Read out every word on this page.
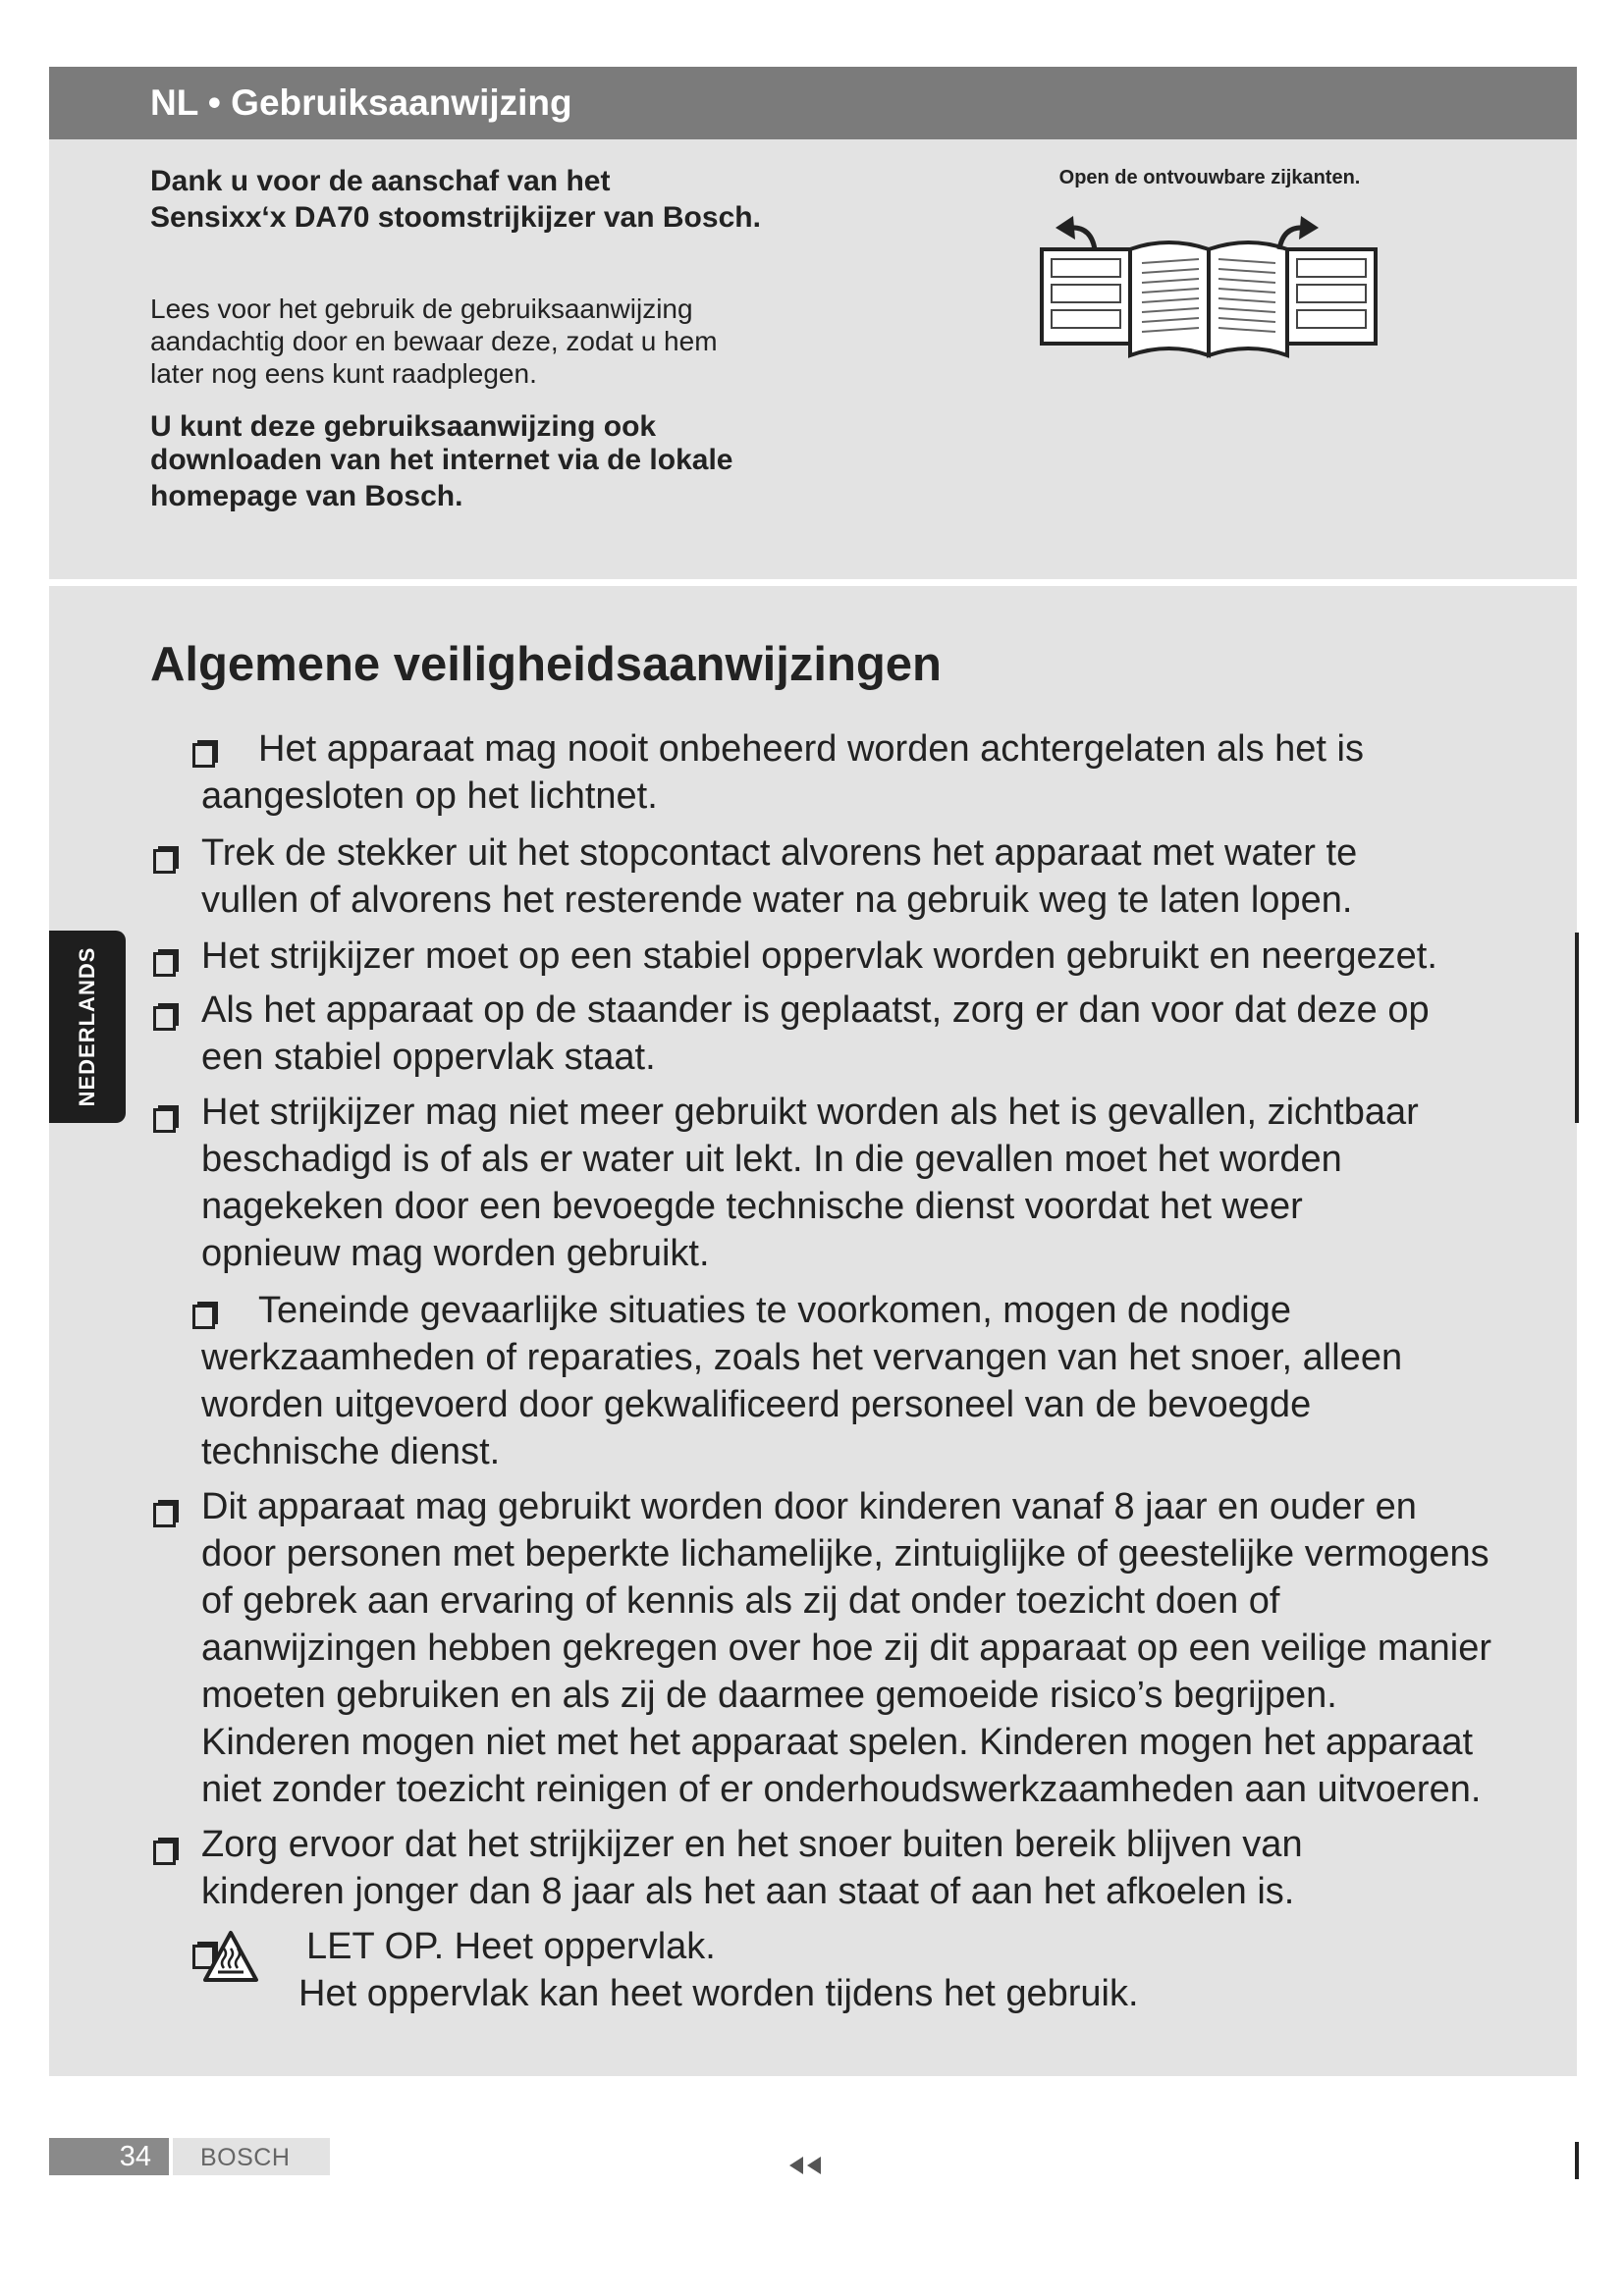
NL • Gebruiksaanwijzing
Dank u voor de aanschaf van het
Sensixx‘x DA70 stoomstrijkijzer van Bosch.
Lees voor het gebruik de gebruiksaanwijzing
aandachtig door en bewaar deze, zodat u hem
later nog eens kunt raadplegen.
U kunt deze gebruiksaanwijzing ook
downloaden van het internet via de lokale
homepage van Bosch.
Open de ontvouwbare zijkanten.
Algemene veiligheidsaanwijzingen
Het apparaat mag nooit onbeheerd worden achtergelaten als het is
aangesloten op het lichtnet.
Trek de stekker uit het stopcontact alvorens het apparaat met water te
vullen of alvorens het resterende water na gebruik weg te laten lopen.
Het strijkijzer moet op een stabiel oppervlak worden gebruikt en neergezet.
Als het apparaat op de staander is geplaatst, zorg er dan voor dat deze op
een stabiel oppervlak staat.
Het strijkijzer mag niet meer gebruikt worden als het is gevallen, zichtbaar
beschadigd is of als er water uit lekt. In die gevallen moet het worden
nagekeken door een bevoegde technische dienst voordat het weer
opnieuw mag worden gebruikt.
Teneinde gevaarlijke situaties te voorkomen, mogen de nodige
werkzaamheden of reparaties, zoals het vervangen van het snoer, alleen
worden uitgevoerd door gekwalificeerd personeel van de bevoegde
technische dienst.
Dit apparaat mag gebruikt worden door kinderen vanaf 8 jaar en ouder en
door personen met beperkte lichamelijke, zintuiglijke of geestelijke vermogens
of gebrek aan ervaring of kennis als zij dat onder toezicht doen of
aanwijzingen hebben gekregen over hoe zij dit apparaat op een veilige manier
moeten gebruiken en als zij de daarmee gemoeide risico’s begrijpen.
Kinderen mogen niet met het apparaat spelen. Kinderen mogen het apparaat
niet zonder toezicht reinigen of er onderhoudswerkzaamheden aan uitvoeren.
Zorg ervoor dat het strijkijzer en het snoer buiten bereik blijven van
kinderen jonger dan 8 jaar als het aan staat of aan het afkoelen is.
LET OP. Heet oppervlak.
Het oppervlak kan heet worden tijdens het gebruik.
NEDERLANDS
34 BOSCH
